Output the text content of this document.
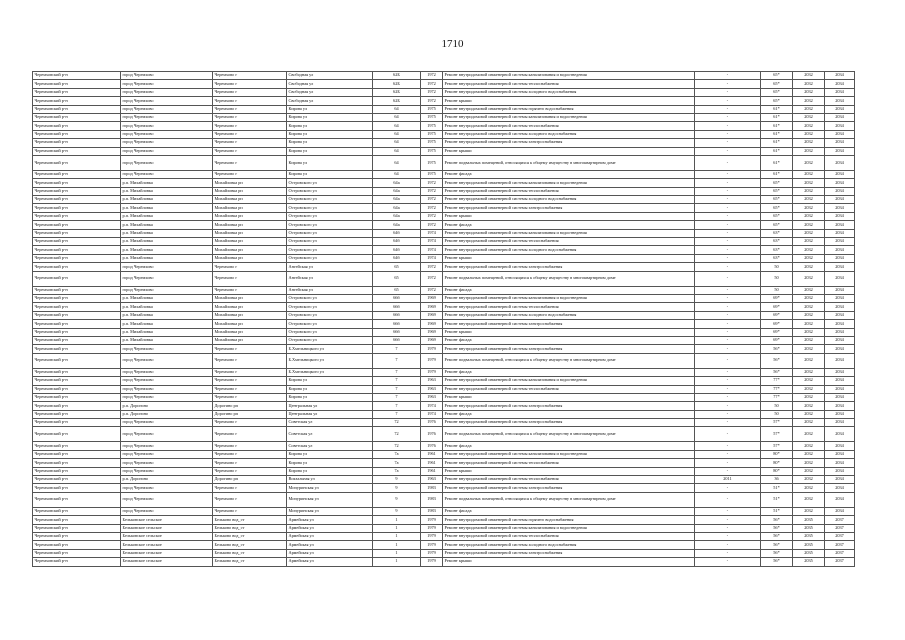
1710
Черемховский р-н	город Черемхово	Черемхово г	Свободная ул	62Б	1972	Ремонт внутридомовой инженерной системы канализования и водоотведения	-	65*	2032	2034
Черемховский р-н	город Черемхово	Черемхово г	Свободная ул	62Б	1972	Ремонт внутридомовой инженерной системы теплоснабжения	-	65*	2032	2034
Черемховский р-н	город Черемхово	Черемхово г	Свободная ул	62Б	1972	Ремонт внутридомовой инженерной системы холодного водоснабжения	-	65*	2032	2034
Черемховский р-н	город Черемхово	Черемхово г	Свободная ул	62Б	1972	Ремонт крыши	-	65*	2032	2034
Черемховский р-н	город Черемхово	Черемхово г	Кирова ул	64	1975	Ремонт внутридомовой инженерной системы горячего водоснабжения	-	61*	2032	2034
Черемховский р-н	город Черемхово	Черемхово г	Кирова ул	64	1975	Ремонт внутридомовой инженерной системы канализования и водоотведения	-	61*	2032	2034
Черемховский р-н	город Черемхово	Черемхово г	Кирова ул	64	1975	Ремонт внутридомовой инженерной системы теплоснабжения	-	61*	2032	2034
Черемховский р-н	город Черемхово	Черемхово г	Кирова ул	64	1975	Ремонт внутридомовой инженерной системы холодного водоснабжения	-	61*	2032	2034
Черемховский р-н	город Черемхово	Черемхово г	Кирова ул	64	1975	Ремонт внутридомовой инженерной системы электроснабжения	-	61*	2032	2034
Черемховский р-н	город Черемхово	Черемхово г	Кирова ул	64	1975	Ремонт крыши	-	61*	2032	2034
Черемховский р-н	город Черемхово	Черемхово г	Кирова ул	64	1975	Ремонт подвальных помещений, относящихся к общему имуществу в многоквартирном доме	-	61*	2032	2034
Черемховский р-н	город Черемхово	Черемхово г	Кирова ул	64	1975	Ремонт фасада	-	61*	2032	2034
Черемховский р-н	р.п. Михайловка	Михайловка рп	Островского ул	64а	1972	Ремонт внутридомовой инженерной системы канализования и водоотведения	-	65*	2032	2034
Черемховский р-н	р.п. Михайловка	Михайловка рп	Островского ул	64а	1972	Ремонт внутридомовой инженерной системы теплоснабжения	-	65*	2032	2034
Черемховский р-н	р.п. Михайловка	Михайловка рп	Островского ул	64а	1972	Ремонт внутридомовой инженерной системы холодного водоснабжения	-	65*	2032	2034
Черемховский р-н	р.п. Михайловка	Михайловка рп	Островского ул	64а	1972	Ремонт внутридомовой инженерной системы электроснабжения	-	65*	2032	2034
Черемховский р-н	р.п. Михайловка	Михайловка рп	Островского ул	64а	1972	Ремонт крыши	-	65*	2032	2034
Черемховский р-н	р.п. Михайловка	Михайловка рп	Островского ул	64а	1972	Ремонт фасада	-	65*	2032	2034
Черемховский р-н	р.п. Михайловка	Михайловка рп	Островского ул	64б	1974	Ремонт внутридомовой инженерной системы канализования и водоотведения	-	63*	2032	2034
Черемховский р-н	р.п. Михайловка	Михайловка рп	Островского ул	64б	1974	Ремонт внутридомовой инженерной системы теплоснабжения	-	63*	2032	2034
Черемховский р-н	р.п. Михайловка	Михайловка рп	Островского ул	64б	1974	Ремонт внутридомовой инженерной системы холодного водоснабжения	-	63*	2032	2034
Черемховский р-н	р.п. Михайловка	Михайловка рп	Островского ул	64б	1974	Ремонт крыши	-	63*	2032	2034
Черемховский р-н	город Черемхово	Черемхово г	Ангейская ул	65	1972	Ремонт внутридомовой инженерной системы электроснабжения	-	50	2032	2034
Черемховский р-н	город Черемхово	Черемхово г	Ангейская ул	65	1972	Ремонт подвальных помещений, относящихся к общему имуществу в многоквартирном доме	-	50	2032	2034
Черемховский р-н	город Черемхово	Черемхово г	Ангейская ул	65	1972	Ремонт фасада	-	50	2032	2034
Черемховский р-н	р.п. Михайловка	Михайловка рп	Островского ул	66б	1969	Ремонт внутридомовой инженерной системы канализования и водоотведения	-	69*	2032	2034
Черемховский р-н	р.п. Михайловка	Михайловка рп	Островского ул	66б	1969	Ремонт внутридомовой инженерной системы теплоснабжения	-	69*	2032	2034
Черемховский р-н	р.п. Михайловка	Михайловка рп	Островского ул	66б	1969	Ремонт внутридомовой инженерной системы холодного водоснабжения	-	69*	2032	2034
Черемховский р-н	р.п. Михайловка	Михайловка рп	Островского ул	66б	1969	Ремонт внутридомовой инженерной системы электроснабжения	-	69*	2032	2034
Черемховский р-н	р.п. Михайловка	Михайловка рп	Островского ул	66б	1969	Ремонт крыши	-	69*	2032	2034
Черемховский р-н	р.п. Михайловка	Михайловка рп	Островского ул	66б	1969	Ремонт фасада	-	69*	2032	2034
Черемховский р-н	город Черемхово	Черемхово г	Б.Хмельницкого ул	7	1979	Ремонт внутридомовой инженерной системы электроснабжения	-	56*	2032	2034
Черемховский р-н	город Черемхово	Черемхово г	Б.Хмельницкого ул	7	1979	Ремонт подвальных помещений, относящихся к общему имуществу в многоквартирном доме	-	56*	2032	2034
Черемховский р-н	город Черемхово	Черемхово г	Б.Хмельницкого ул	7	1979	Ремонт фасада	-	56*	2032	2034
Черемховский р-н	город Черемхово	Черемхово г	Кирова ул	7	1963	Ремонт внутридомовой инженерной системы канализования и водоотведения	-	77*	2032	2034
Черемховский р-н	город Черемхово	Черемхово г	Кирова ул	7	1963	Ремонт внутридомовой инженерной системы теплоснабжения	-	77*	2032	2034
Черемховский р-н	город Черемхово	Черемхово г	Кирова ул	7	1963	Ремонт крыши	-	77*	2032	2034
Черемховский р-н	р.п. Дорогино	Дорогино рп	Центральная ул	7	1974	Ремонт внутридомовой инженерной системы электроснабжения	-	50	2032	2034
Черемховский р-н	р.п. Дорогино	Дорогино рп	Центральная ул	7	1974	Ремонт фасада	-	50	2032	2034
Черемховский р-н	город Черемхово	Черемхово г	Советская ул	72	1976	Ремонт внутридомовой инженерной системы электроснабжения	-	57*	2032	2034
Черемховский р-н	город Черемхово	Черемхово г	Советская ул	72	1976	Ремонт подвальных помещений, относящихся к общему имуществу в многоквартирном доме	-	57*	2032	2034
Черемховский р-н	город Черемхово	Черемхово г	Советская ул	72	1976	Ремонт фасада	-	57*	2032	2034
Черемховский р-н	город Черемхово	Черемхово г	Кирова ул	7а	1961	Ремонт внутридомовой инженерной системы канализования и водоотведения	-	80*	2032	2034
Черемховский р-н	город Черемхово	Черемхово г	Кирова ул	7а	1961	Ремонт внутридомовой инженерной системы теплоснабжения	-	80*	2032	2034
Черемховский р-н	город Черемхово	Черемхово г	Кирова ул	7а	1961	Ремонт крыши	-	80*	2032	2034
Черемховский р-н	р.п. Дорогино	Дорогино рп	Вокзальная ул	9	1963	Ремонт внутридомовой инженерной системы теплоснабжения	2011	36	2032	2034
Черемховский р-н	город Черемхово	Черемхово г	Мичуринская ул	9	1983	Ремонт внутридомовой инженерной системы электроснабжения	-	51*	2032	2034
Черемховский р-н	город Черемхово	Черемхово г	Мичуринская ул	9	1983	Ремонт подвальных помещений, относящихся к общему имуществу в многоквартирном доме	-	51*	2032	2034
Черемховский р-н	город Черемхово	Черемхово г	Мичуринская ул	9	1983	Ремонт фасада	-	51*	2032	2034
Черемховский р-н	Бельковское сельское	Бельково вод_ст	Армейская ул	1	1979	Ремонт внутридомовой инженерной системы горячего водоснабжения	-	56*	2035	2037
Черемховский р-н	Бельковское сельское	Бельково вод_ст	Армейская ул	1	1979	Ремонт внутридомовой инженерной системы канализования и водоотведения	-	56*	2035	2037
Черемховский р-н	Бельковское сельское	Бельково вод_ст	Армейская ул	1	1979	Ремонт внутридомовой инженерной системы теплоснабжения	-	56*	2035	2037
Черемховский р-н	Бельковское сельское	Бельково вод_ст	Армейская ул	1	1979	Ремонт внутридомовой инженерной системы холодного водоснабжения	-	56*	2035	2037
Черемховский р-н	Бельковское сельское	Бельково вод_ст	Армейская ул	1	1979	Ремонт внутридомовой инженерной системы электроснабжения	-	56*	2035	2037
Черемховский р-н	Бельковское сельское	Бельково вод_ст	Армейская ул	1	1979	Ремонт крыши	-	56*	2035	2037
